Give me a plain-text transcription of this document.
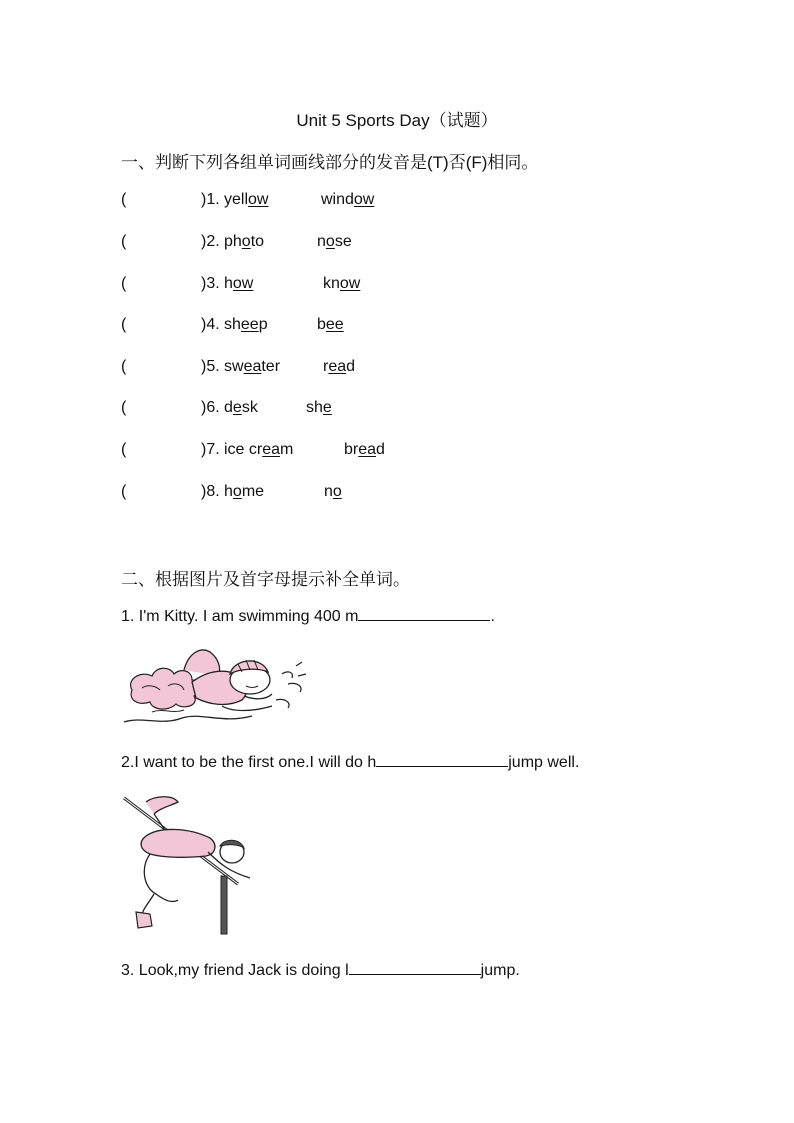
Unit 5 Sports Day（试题）
一、判断下列各组单词画线部分的发音是(T)否(F)相同。
(	)1. yellow	window
(	)2. photo	nose
(	)3. how	know
(	)4. sheep	bee
(	)5. sweater	read
(	)6. desk	she
(	)7. ice cream	bread
(	)8. home	no
二、根据图片及首字母提示补全单词。
1. I'm Kitty. I am swimming 400 m	.
2.I want to be the first one.I will do h	jump well.
3. Look,my friend Jack is doing l	jump.
